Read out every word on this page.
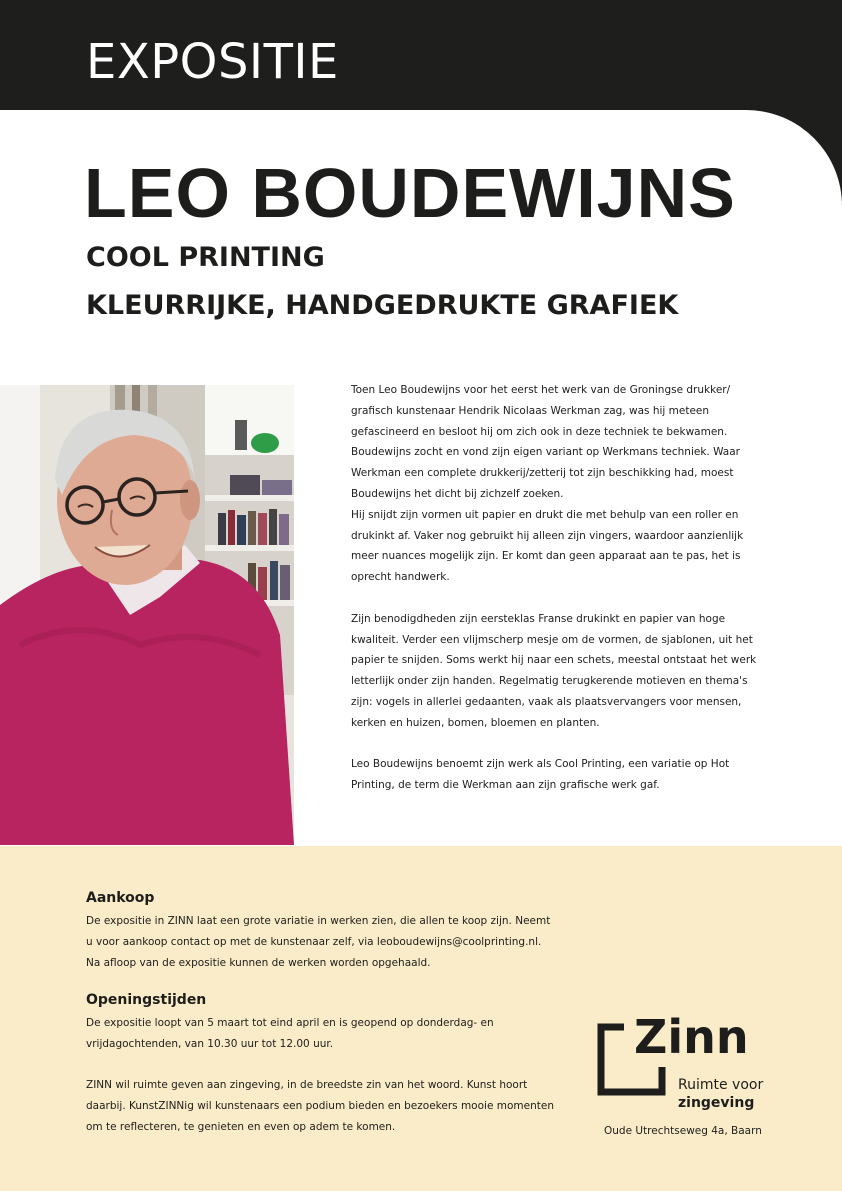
EXPOSITIE
LEO BOUDEWIJNS
COOL PRINTING
KLEURRIJKE, HANDGEDRUKTE GRAFIEK

Toen Leo Boudewijns voor het eerst het werk van de Groningse drukker/ grafisch kunstenaar Hendrik Nicolaas Werkman zag, was hij meteen gefascineerd en besloot hij om zich ook in deze techniek te bekwamen. Boudewijns zocht en vond zijn eigen variant op Werkmans techniek. Waar Werkman een complete drukkerij/zetterij tot zijn beschikking had, moest Boudewijns het dicht bij zichzelf zoeken.

Hij snijdt zijn vormen uit papier en drukt die met behulp van een roller en drukinkt af. Vaker nog gebruikt hij alleen zijn vingers, waardoor aanzienlijk meer nuances mogelijk zijn. Er komt dan geen apparaat aan te pas, het is oprecht handwerk.

Zijn benodigdheden zijn eersteklas Franse drukinkt en papier van hoge kwaliteit. Verder een vlijmscherp mesje om de vormen, de sjablonen, uit het papier te snijden. Soms werkt hij naar een schets, meestal ontstaat het werk letterlijk onder zijn handen. Regelmatig terugkerende motieven en thema's zijn: vogels in allerlei gedaanten, vaak als plaatsvervangers voor mensen, kerken en huizen, bomen, bloemen en planten.

Leo Boudewijns benoemt zijn werk als Cool Printing, een variatie op Hot Printing, de term die Werkman aan zijn grafische werk gaf.

Aankoop

De expositie in ZINN laat een grote variatie in werken zien, die allen te koop zijn. Neemt u voor aankoop contact op met de kunstenaar zelf, via leoboudewijns@coolprinting.nl. Na afloop van de expositie kunnen de werken worden opgehaald.

Openingstijden

De expositie loopt van 5 maart tot eind april en is geopend op donderdag- en vrijdagochtenden, van 10.30 uur tot 12.00 uur.

ZINN wil ruimte geven aan zingeving, in de breedste zin van het woord. Kunst hoort daarbij. KunstZINNig wil kunstenaars een podium bieden en bezoekers mooie momenten om te reflecteren, te genieten en even op adem te komen.

Zinn

Ruimte voor

zingeving

Oude Utrechtseweg 4a, Baarn
